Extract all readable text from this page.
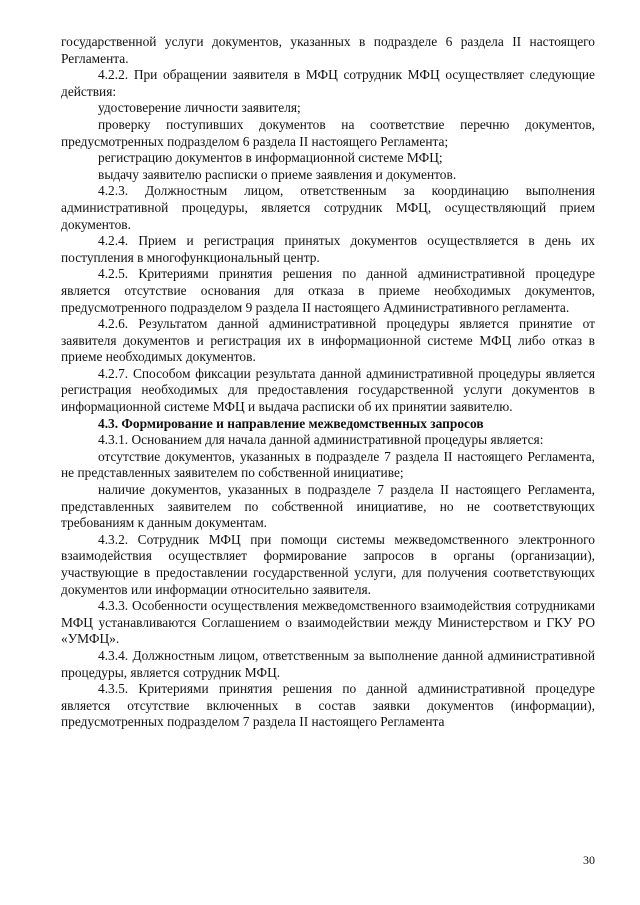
государственной услуги документов, указанных в подразделе 6 раздела II настоящего Регламента.

4.2.2. При обращении заявителя в МФЦ сотрудник МФЦ осуществляет следующие действия:

удостоверение личности заявителя;

проверку поступивших документов на соответствие перечню документов, предусмотренных подразделом 6 раздела II настоящего Регламента;

регистрацию документов в информационной системе МФЦ;

выдачу заявителю расписки о приеме заявления и документов.

4.2.3. Должностным лицом, ответственным за координацию выполнения административной процедуры, является сотрудник МФЦ, осуществляющий прием документов.

4.2.4. Прием и регистрация принятых документов осуществляется в день их поступления в многофункциональный центр.

4.2.5. Критериями принятия решения по данной административной процедуре является отсутствие основания для отказа в приеме необходимых документов, предусмотренного подразделом 9 раздела II настоящего Административного регламента.

4.2.6. Результатом данной административной процедуры является принятие от заявителя документов и регистрация их в информационной системе МФЦ либо отказ в приеме необходимых документов.

4.2.7. Способом фиксации результата данной административной процедуры является регистрация необходимых для предоставления государственной услуги документов в информационной системе МФЦ и выдача расписки об их принятии заявителю.

4.3. Формирование и направление межведомственных запросов

4.3.1. Основанием для начала данной административной процедуры является:

отсутствие документов, указанных в подразделе 7 раздела II настоящего Регламента, не представленных заявителем по собственной инициативе;

наличие документов, указанных в подразделе 7 раздела II настоящего Регламента, представленных заявителем по собственной инициативе, но не соответствующих требованиям к данным документам.

4.3.2. Сотрудник МФЦ при помощи системы межведомственного электронного взаимодействия осуществляет формирование запросов в органы (организации), участвующие в предоставлении государственной услуги, для получения соответствующих документов или информации относительно заявителя.

4.3.3. Особенности осуществления межведомственного взаимодействия сотрудниками МФЦ устанавливаются Соглашением о взаимодействии между Министерством и ГКУ РО «УМФЦ».

4.3.4. Должностным лицом, ответственным за выполнение данной административной процедуры, является сотрудник МФЦ.

4.3.5. Критериями принятия решения по данной административной процедуре является отсутствие включенных в состав заявки документов (информации), предусмотренных подразделом 7 раздела II настоящего Регламента

30
